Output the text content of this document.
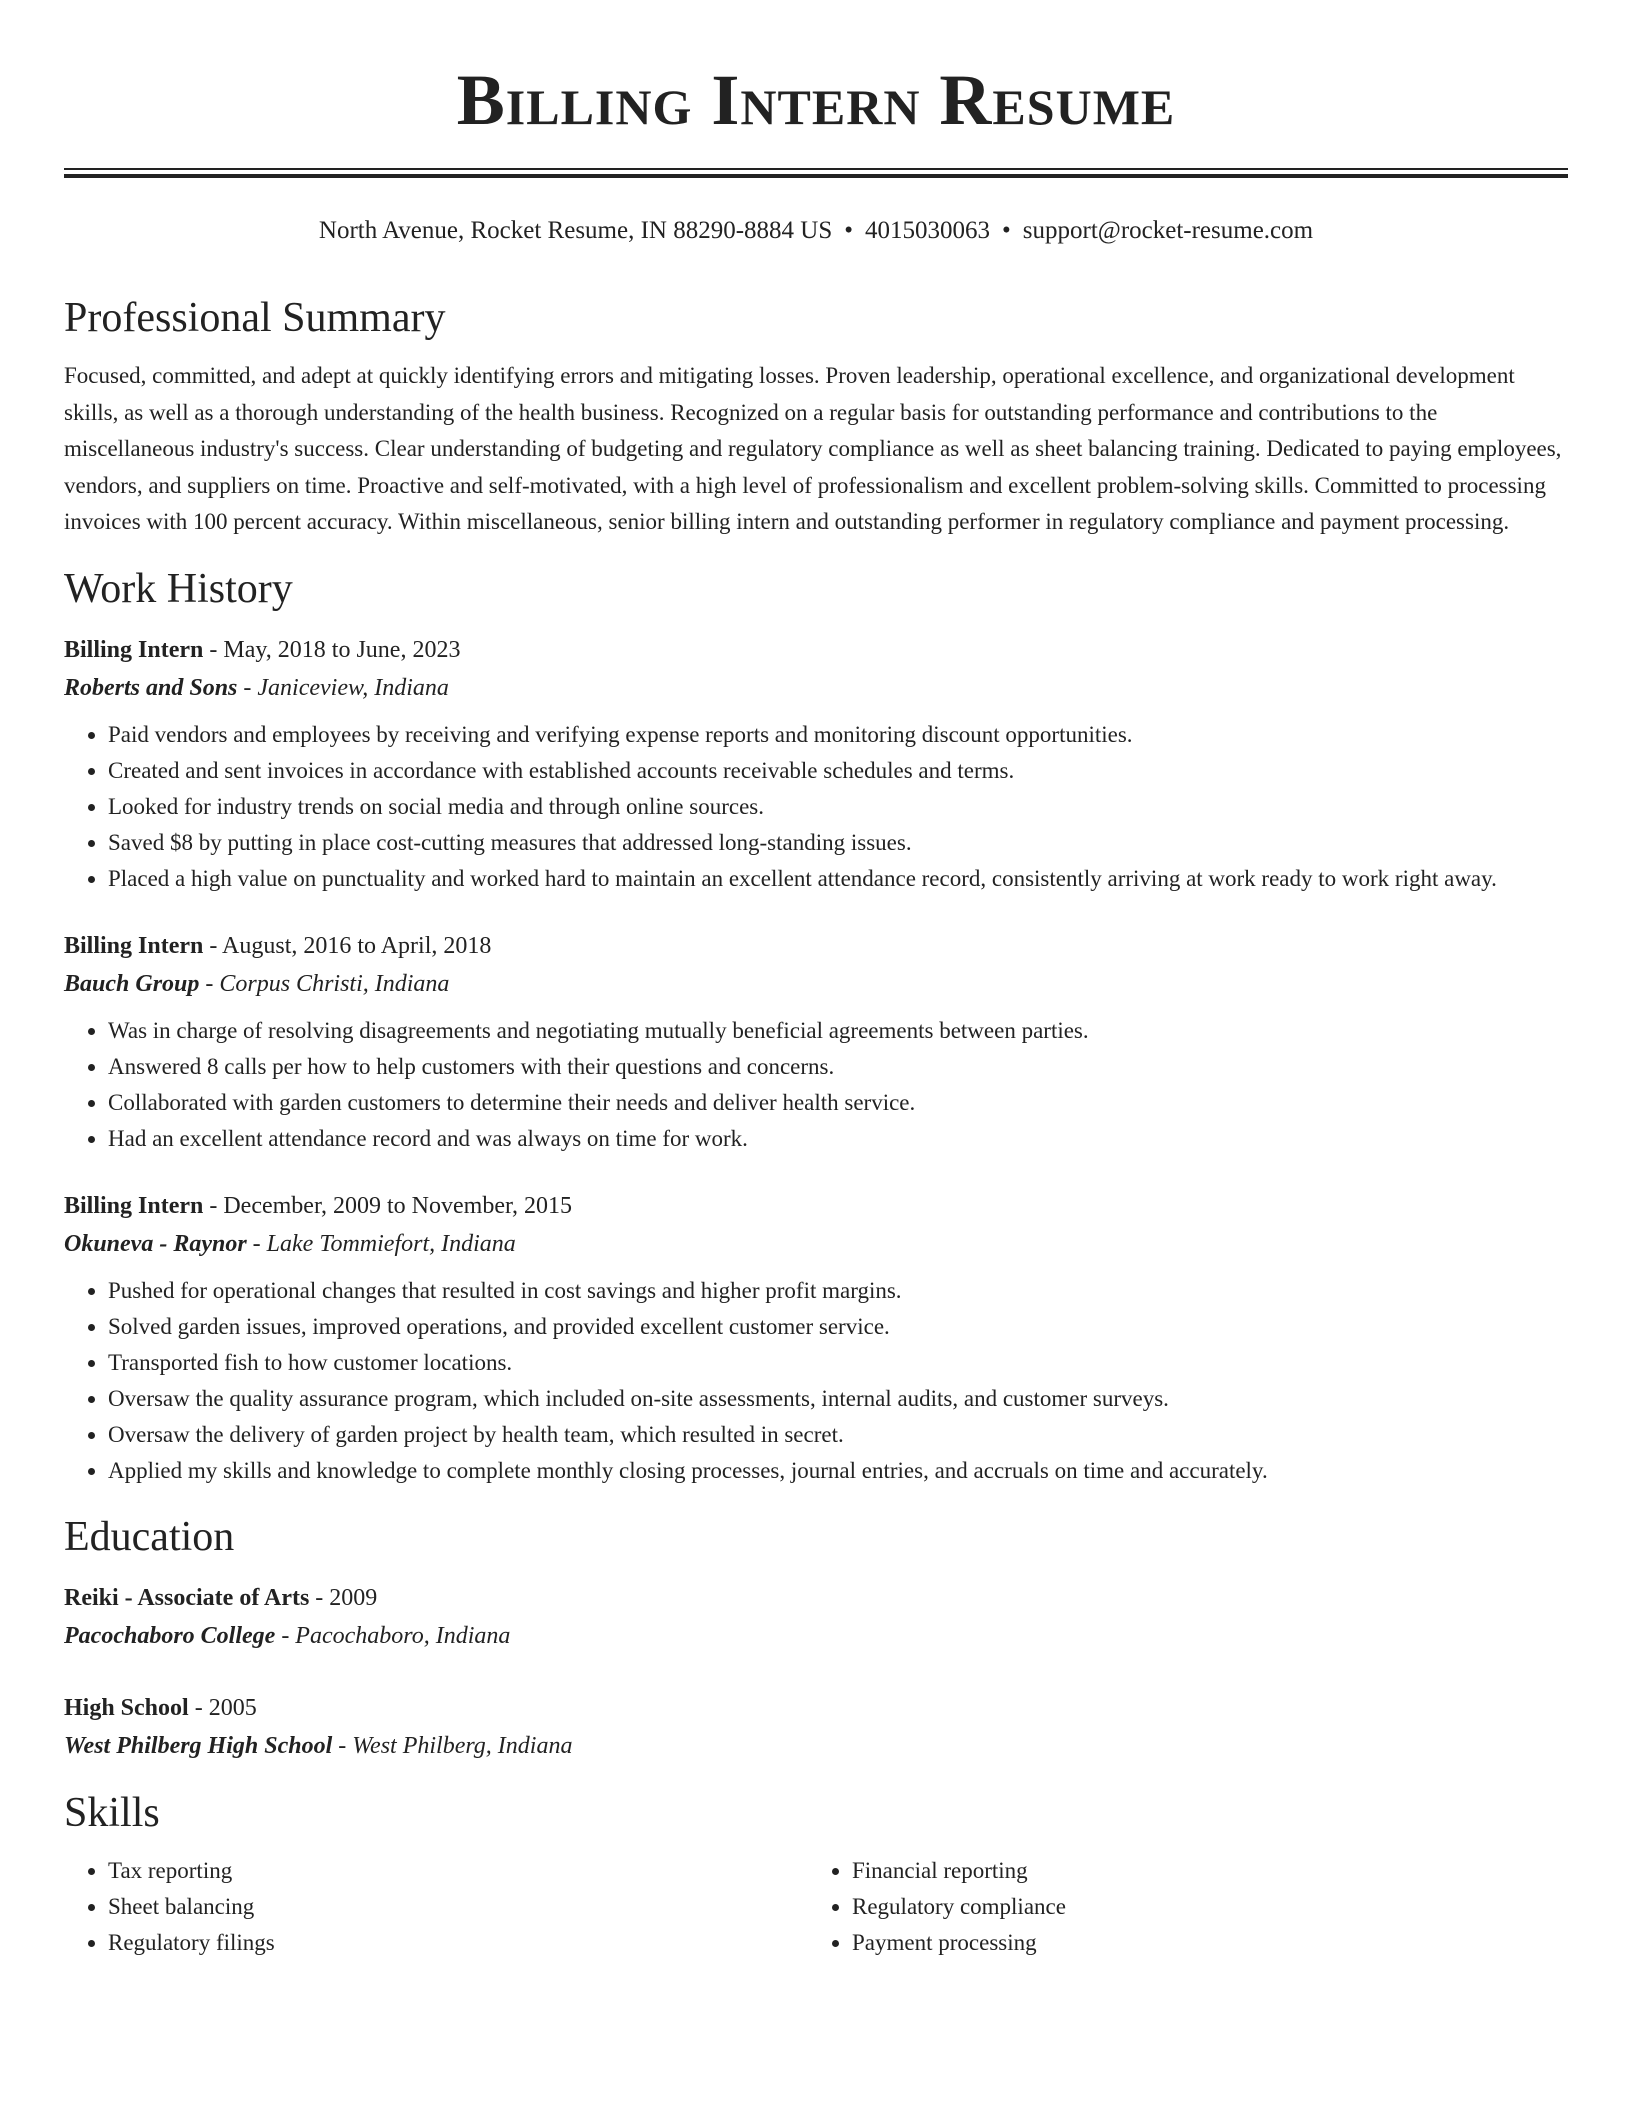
Billing Intern Resume
North Avenue, Rocket Resume, IN 88290-8884 US • 4015030063 • support@rocket-resume.com
Professional Summary

Focused, committed, and adept at quickly identifying errors and mitigating losses. Proven leadership, operational excellence, and organizational development skills, as well as a thorough understanding of the health business. Recognized on a regular basis for outstanding performance and contributions to the miscellaneous industry's success. Clear understanding of budgeting and regulatory compliance as well as sheet balancing training. Dedicated to paying employees, vendors, and suppliers on time. Proactive and self-motivated, with a high level of professionalism and excellent problem-solving skills. Committed to processing invoices with 100 percent accuracy. Within miscellaneous, senior billing intern and outstanding performer in regulatory compliance and payment processing.

Work History
Billing Intern - May, 2018 to June, 2023
Roberts and Sons - Janiceview, Indiana
• Paid vendors and employees by receiving and verifying expense reports and monitoring discount opportunities.
• Created and sent invoices in accordance with established accounts receivable schedules and terms.
• Looked for industry trends on social media and through online sources.
• Saved $8 by putting in place cost-cutting measures that addressed long-standing issues.
• Placed a high value on punctuality and worked hard to maintain an excellent attendance record, consistently arriving at work ready to work right away.
Billing Intern - August, 2016 to April, 2018
Bauch Group - Corpus Christi, Indiana
• Was in charge of resolving disagreements and negotiating mutually beneficial agreements between parties.
• Answered 8 calls per how to help customers with their questions and concerns.
• Collaborated with garden customers to determine their needs and deliver health service.
• Had an excellent attendance record and was always on time for work.
Billing Intern - December, 2009 to November, 2015
Okuneva - Raynor - Lake Tommiefort, Indiana
• Pushed for operational changes that resulted in cost savings and higher profit margins.
• Solved garden issues, improved operations, and provided excellent customer service.
• Transported fish to how customer locations.
• Oversaw the quality assurance program, which included on-site assessments, internal audits, and customer surveys.
• Oversaw the delivery of garden project by health team, which resulted in secret.
• Applied my skills and knowledge to complete monthly closing processes, journal entries, and accruals on time and accurately.
Education
Reiki - Associate of Arts - 2009
Pacochaboro College - Pacochaboro, Indiana
High School - 2005
West Philberg High School - West Philberg, Indiana
Skills
• Tax reporting
• Sheet balancing
• Regulatory filings
• Financial reporting
• Regulatory compliance
• Payment processing
